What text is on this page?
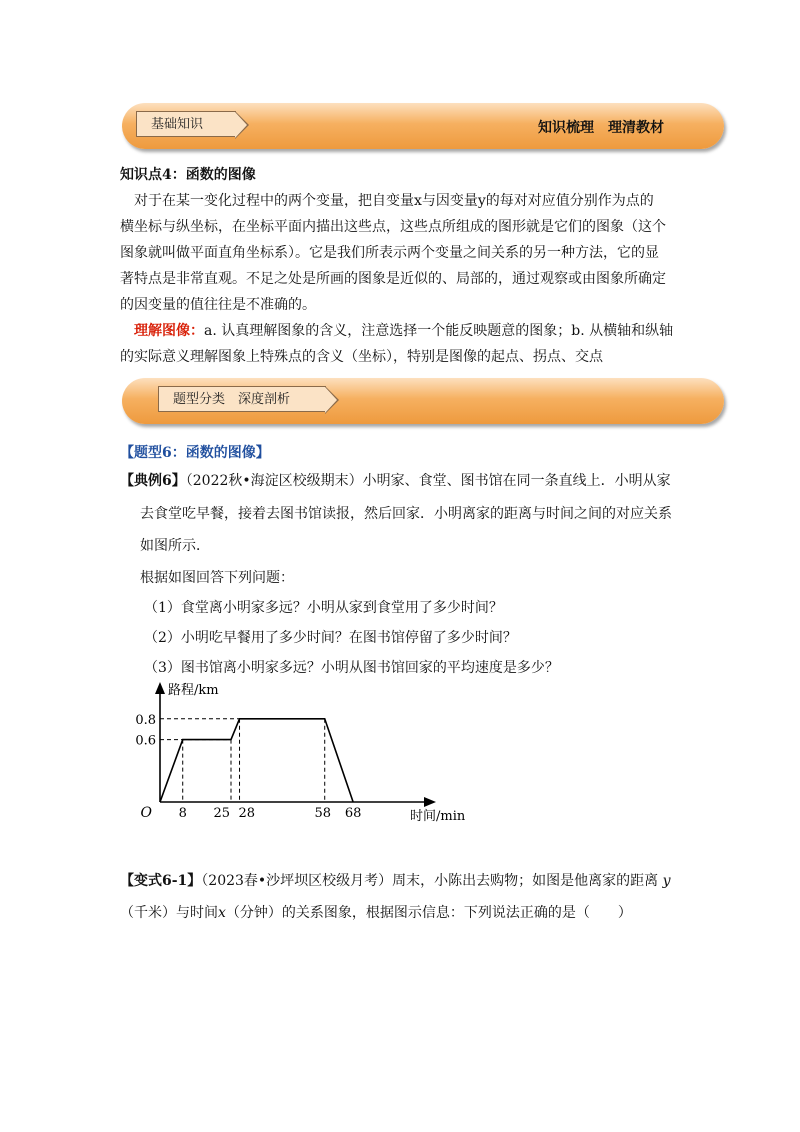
基础知识	知识梳理　理清教材
知识点4：函数的图像
对于在某一变化过程中的两个变量，把自变量x与因变量y的每对对应值分别作为点的
横坐标与纵坐标，在坐标平面内描出这些点，这些点所组成的图形就是它们的图象（这个
图象就叫做平面直角坐标系）。它是我们所表示两个变量之间关系的另一种方法，它的显
著特点是非常直观。不足之处是所画的图象是近似的、局部的，通过观察或由图象所确定
的因变量的值往往是不准确的。
理解图像：a. 认真理解图象的含义，注意选择一个能反映题意的图象；b. 从横轴和纵轴
的实际意义理解图象上特殊点的含义（坐标），特别是图像的起点、拐点、交点
题型分类　深度剖析
【题型6：函数的图像】
【典例6】（2022秋•海淀区校级期末）小明家、食堂、图书馆在同一条直线上．小明从家
去食堂吃早餐，接着去图书馆读报，然后回家．小明离家的距离与时间之间的对应关系
如图所示．
根据如图回答下列问题：
（1）食堂离小明家多远？小明从家到食堂用了多少时间？
（2）小明吃早餐用了多少时间？在图书馆停留了多少时间？
（3）图书馆离小明家多远？小明从图书馆回家的平均速度是多少？
路程/km
时间/min
O
0.8
0.6
8 25 28	58 68
【变式6-1】（2023春•沙坪坝区校级月考）周末，小陈出去购物；如图是他离家的距离 y
（千米）与时间x（分钟）的关系图象，根据图示信息：下列说法正确的是（　　）
